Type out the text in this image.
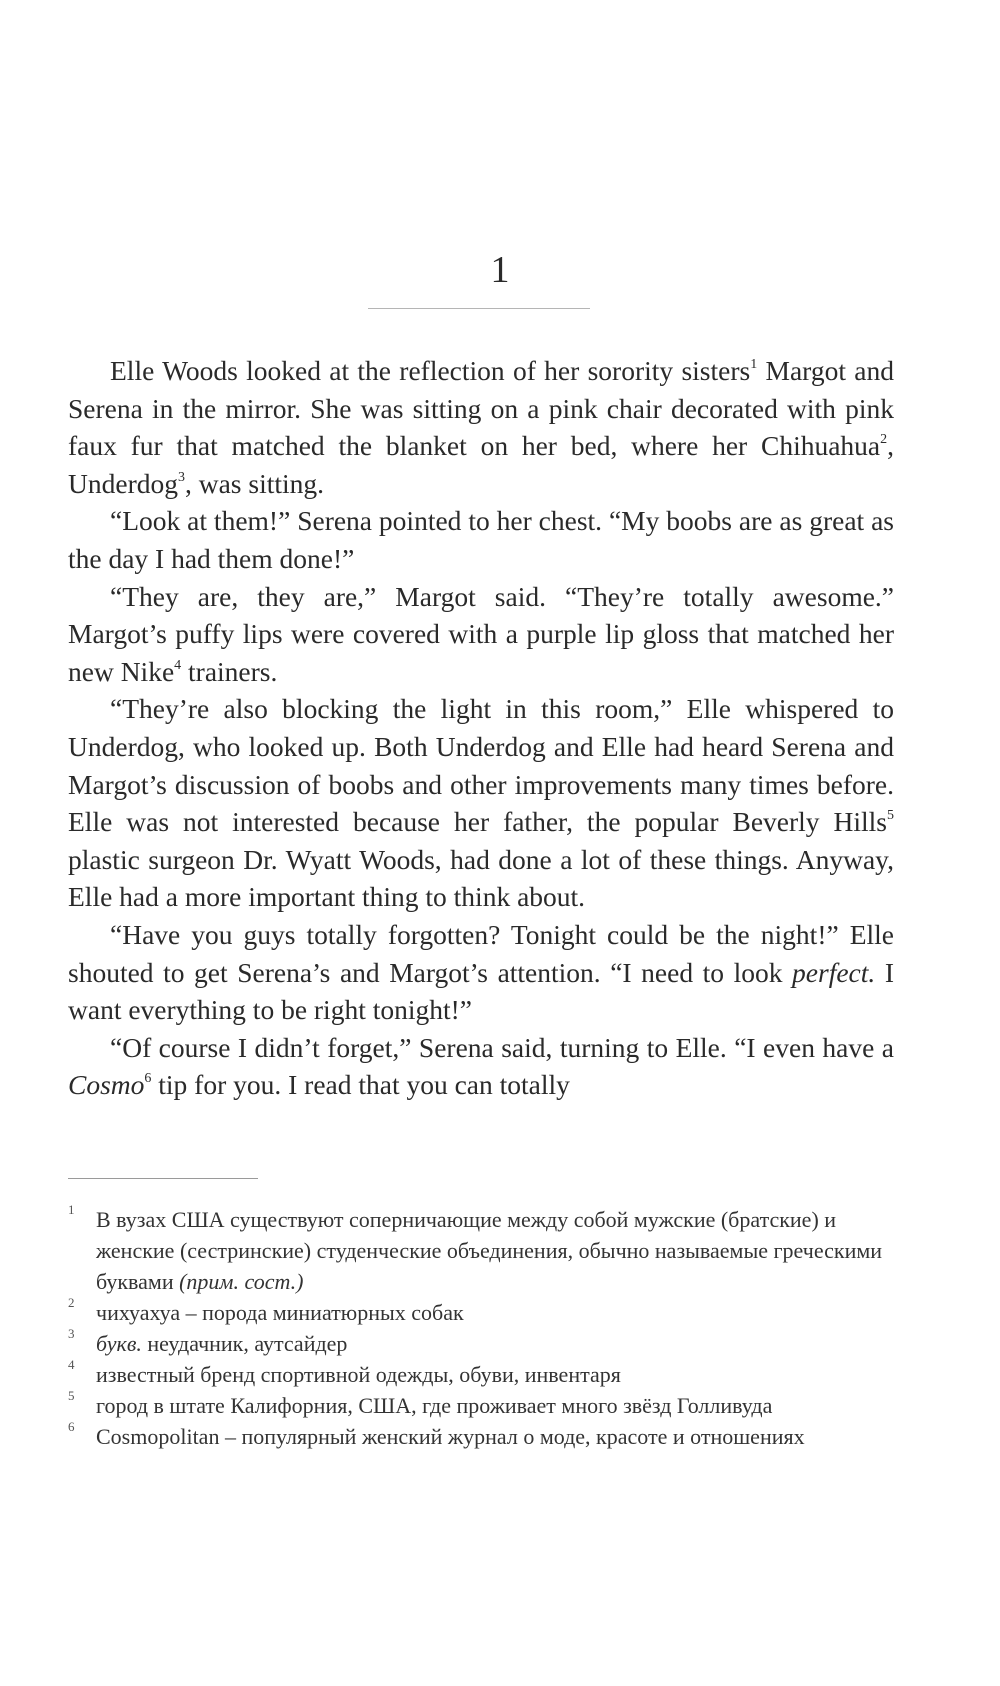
1

Elle Woods looked at the reflection of her sorority sisters$^1$ Margot and Serena in the mirror. She was sitting on a pink chair decorated with pink faux fur that matched the blanket on her bed, where her Chihuahua$^2$, Underdog$^3$, was sitting.

“Look at them!” Serena pointed to her chest. “My boobs are as great as the day I had them done!”

“They are, they are,” Margot said. “They’re totally awesome.” Margot’s puffy lips were covered with a purple lip gloss that matched her new Nike$^4$ trainers.

“They’re also blocking the light in this room,” Elle whispered to Underdog, who looked up. Both Underdog and Elle had heard Serena and Margot’s discussion of boobs and other improvements many times before. Elle was not interested because her father, the popular Beverly Hills$^5$ plastic surgeon Dr. Wyatt Woods, had done a lot of these things. Anyway, Elle had a more important thing to think about.

“Have you guys totally forgotten? Tonight could be the night!” Elle shouted to get Serena’s and Margot’s attention. “I need to look perfect. I want everything to be right tonight!”

“Of course I didn’t forget,” Serena said, turning to Elle. “I even have a Cosmo$^6$ tip for you. I read that you can totally

1 В вузах США существуют соперничающие между собой мужские (братские) и женские (сестринские) студенческие объединения, обычно называемые греческими буквами (прим. сост.)
2 чихуахуа – порода миниатюрных собак
3 букв. неудачник, аутсайдер
4 известный бренд спортивной одежды, обуви, инвентаря
5 город в штате Калифорния, США, где проживает много звёзд Голливуда
6 Cosmopolitan – популярный женский журнал о моде, красоте и отношениях
